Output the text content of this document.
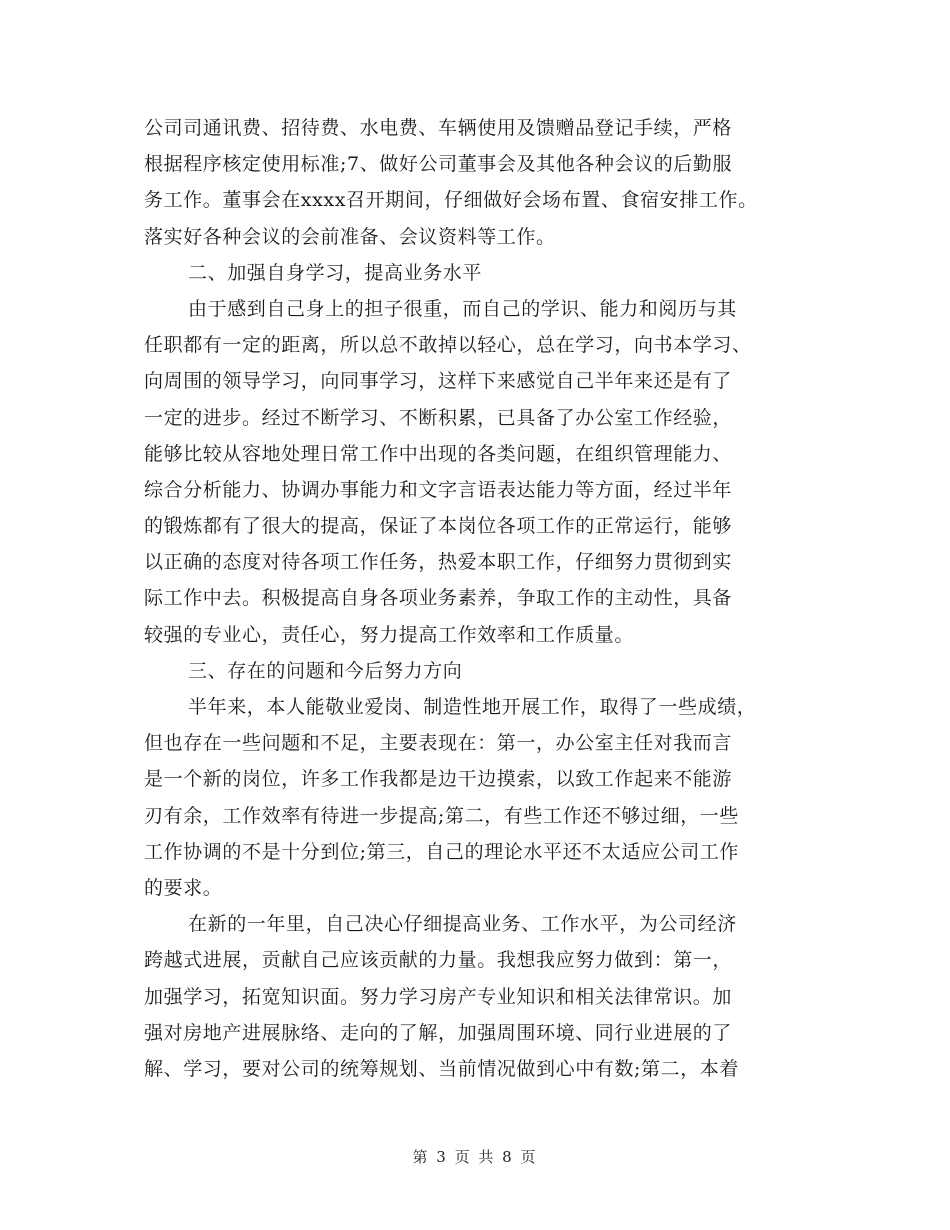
公司司通讯费、招待费、水电费、车辆使用及馈赠品登记手续，严格
根据程序核定使用标准;7、做好公司董事会及其他各种会议的后勤服
务工作。董事会在xxxx召开期间，仔细做好会场布置、食宿安排工作。
落实好各种会议的会前准备、会议资料等工作。
二、加强自身学习，提高业务水平
由于感到自己身上的担子很重，而自己的学识、能力和阅历与其
任职都有一定的距离，所以总不敢掉以轻心，总在学习，向书本学习、
向周围的领导学习，向同事学习，这样下来感觉自己半年来还是有了
一定的进步。经过不断学习、不断积累，已具备了办公室工作经验，
能够比较从容地处理日常工作中出现的各类问题，在组织管理能力、
综合分析能力、协调办事能力和文字言语表达能力等方面，经过半年
的锻炼都有了很大的提高，保证了本岗位各项工作的正常运行，能够
以正确的态度对待各项工作任务，热爱本职工作，仔细努力贯彻到实
际工作中去。积极提高自身各项业务素养，争取工作的主动性，具备
较强的专业心，责任心，努力提高工作效率和工作质量。
三、存在的问题和今后努力方向
半年来，本人能敬业爱岗、制造性地开展工作，取得了一些成绩，
但也存在一些问题和不足，主要表现在：第一，办公室主任对我而言
是一个新的岗位，许多工作我都是边干边摸索，以致工作起来不能游
刃有余，工作效率有待进一步提高;第二，有些工作还不够过细，一些
工作协调的不是十分到位;第三，自己的理论水平还不太适应公司工作
的要求。
在新的一年里，自己决心仔细提高业务、工作水平，为公司经济
跨越式进展，贡献自己应该贡献的力量。我想我应努力做到：第一，
加强学习，拓宽知识面。努力学习房产专业知识和相关法律常识。加
强对房地产进展脉络、走向的了解，加强周围环境、同行业进展的了
解、学习，要对公司的统筹规划、当前情况做到心中有数;第二，本着
第 3 页 共 8 页
